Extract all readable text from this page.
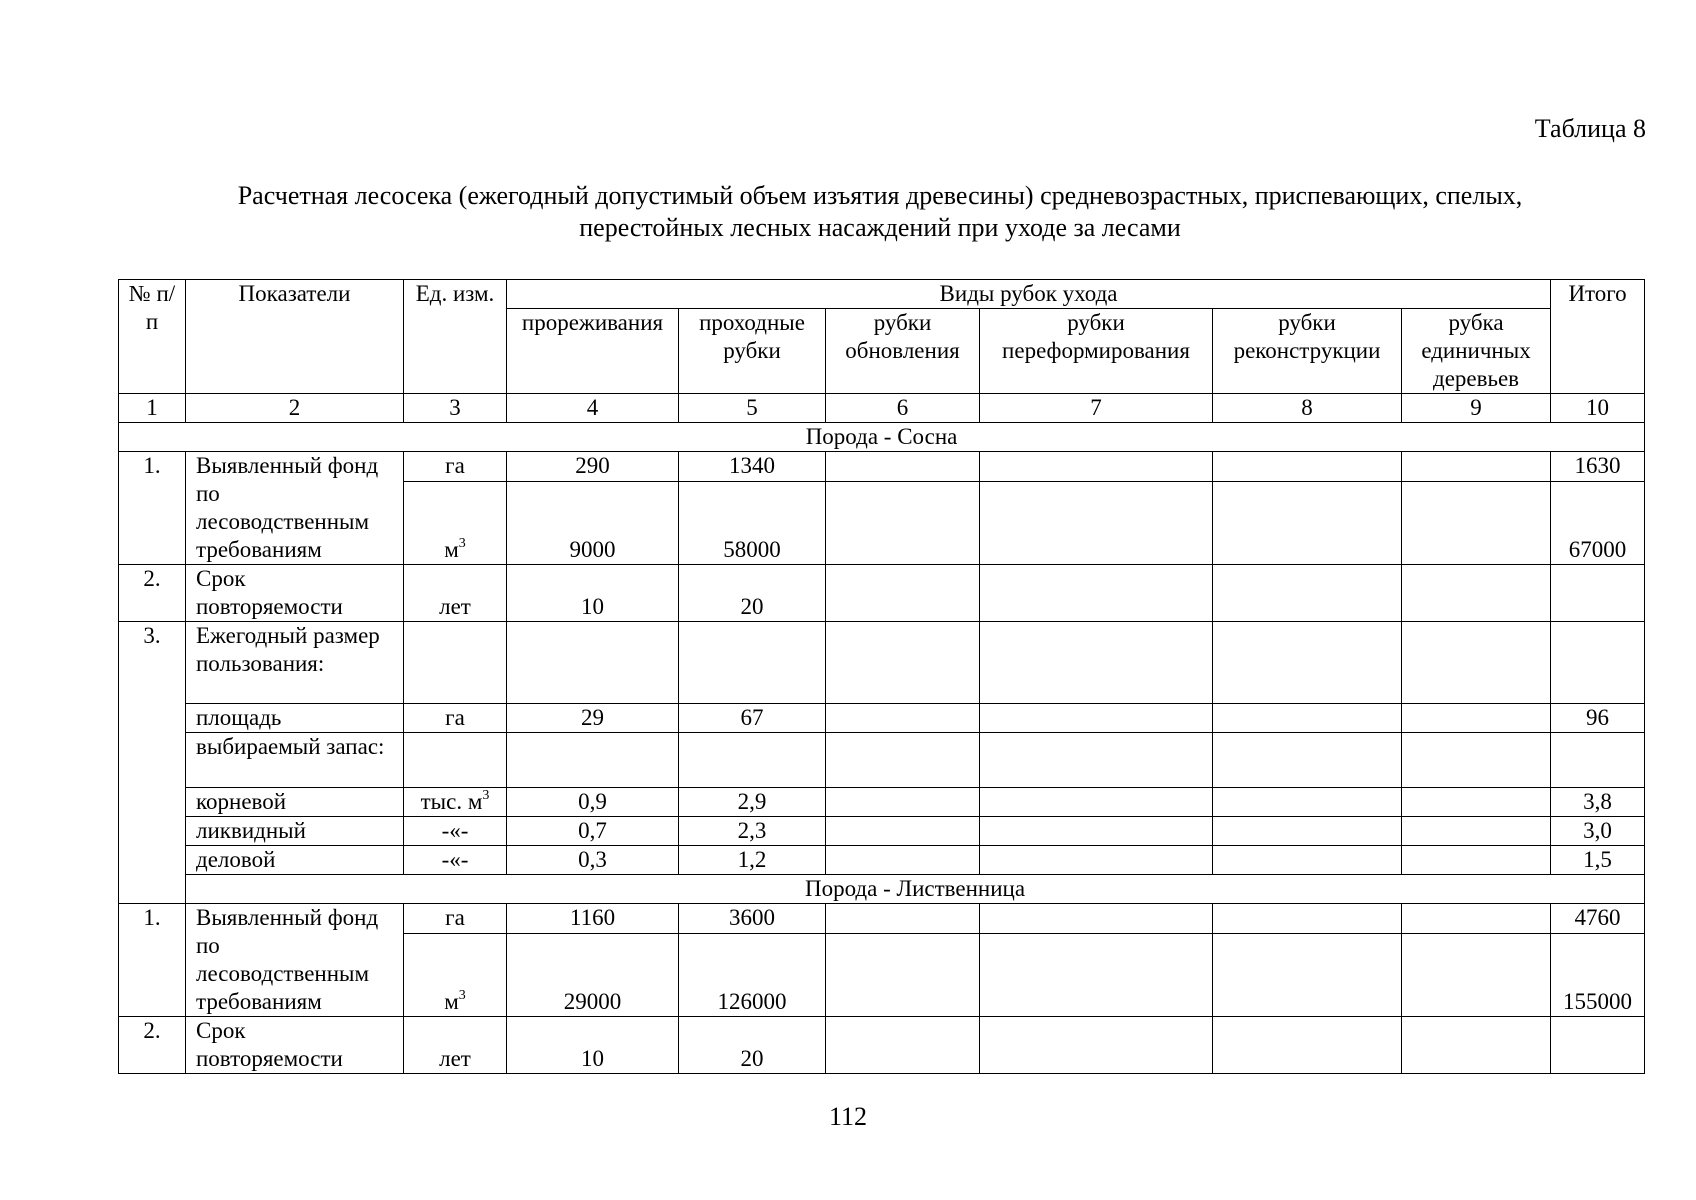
Таблица 8
Расчетная лесосека (ежегодный допустимый объем изъятия древесины) средневозрастных, приспевающих, спелых,
перестойных лесных насаждений при уходе за лесами
№ п/п	Показатели	Ед. изм.	Виды рубок ухода						Итого
			прореживания	проходные рубки	рубки обновления	рубки переформирования	рубки реконструкции	рубка единичных деревьев	
1	2	3	4	5	6	7	8	9	10
Порода - Сосна									
1.	Выявленный фонд по лесоводственным требованиям	га	290	1340					1630
		$м^3$	9000	58000					67000
2.	Срок повторяемости	лет	10	20					
3.	Ежегодный размер пользования:								
	площадь	га	29	67					96
	выбираемый запас:								
	корневой	тыс. $м^3$	0,9	2,9					3,8
	ликвидный	-«-	0,7	2,3					3,0
	деловой	-«-	0,3	1,2					1,5
	Порода - Лиственница								
1.	Выявленный фонд по лесоводственным требованиям	га	1160	3600					4760
		$м^3$	29000	126000					155000
2.	Срок повторяемости	лет	10	20					
112
